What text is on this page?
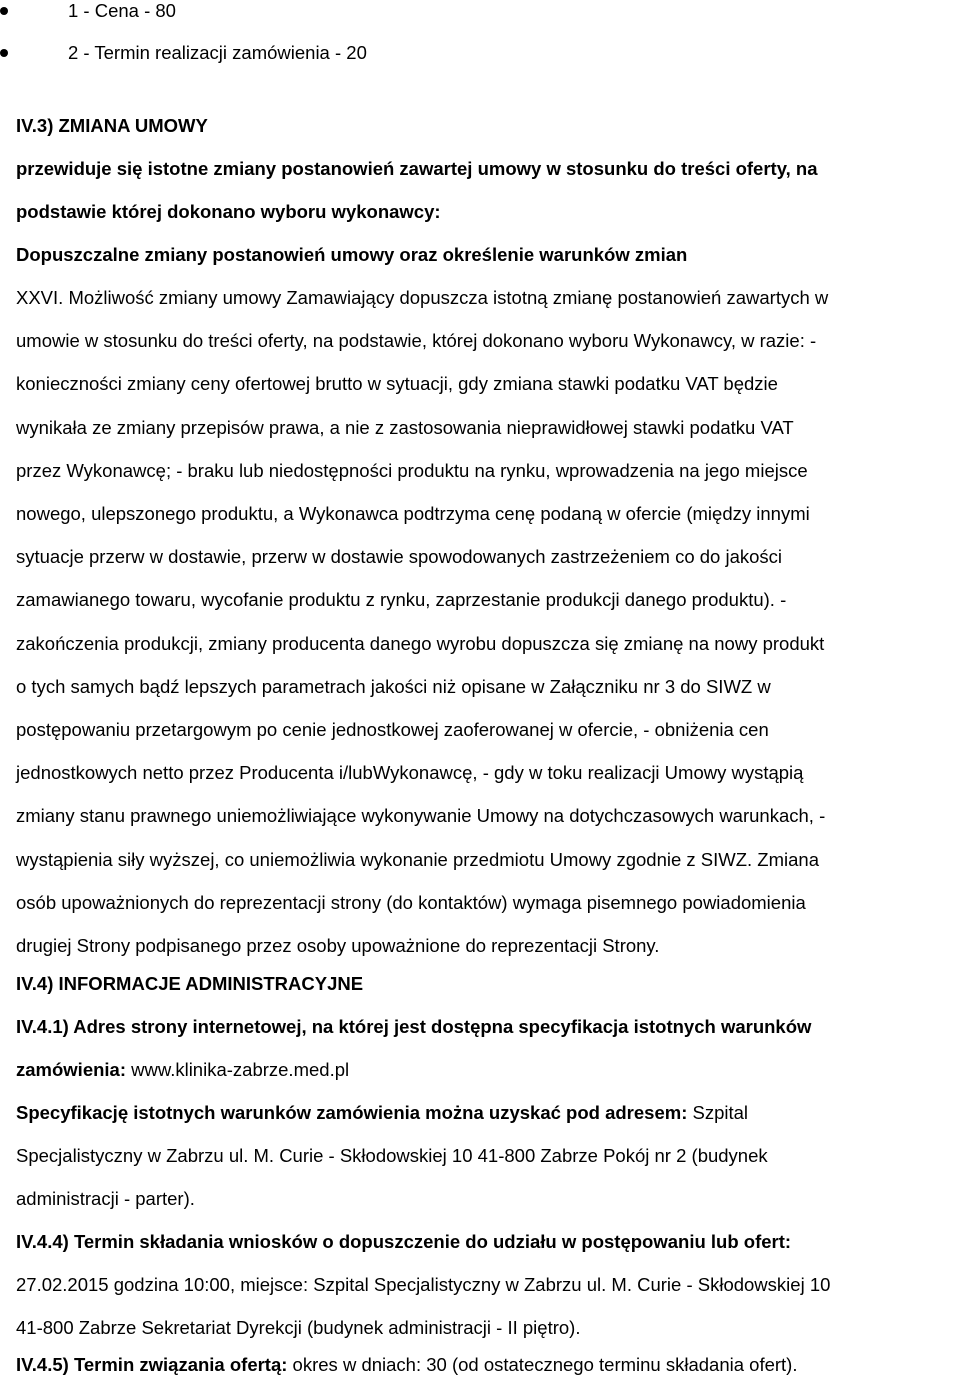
1 - Cena - 80
2 - Termin realizacji zamówienia - 20
IV.3) ZMIANA UMOWY
przewiduje się istotne zmiany postanowień zawartej umowy w stosunku do treści oferty, na
podstawie której dokonano wyboru wykonawcy:
Dopuszczalne zmiany postanowień umowy oraz określenie warunków zmian
XXVI. Możliwość zmiany umowy Zamawiający dopuszcza istotną zmianę postanowień zawartych w
umowie w stosunku do treści oferty, na podstawie, której dokonano wyboru Wykonawcy, w razie: -
konieczności zmiany ceny ofertowej brutto w sytuacji, gdy zmiana stawki podatku VAT będzie
wynikała ze zmiany przepisów prawa, a nie z zastosowania nieprawidłowej stawki podatku VAT
przez Wykonawcę; - braku lub niedostępności produktu na rynku, wprowadzenia na jego miejsce
nowego, ulepszonego produktu, a Wykonawca podtrzyma cenę podaną w ofercie (między innymi
sytuacje przerw w dostawie, przerw w dostawie spowodowanych zastrzeżeniem co do jakości
zamawianego towaru, wycofanie produktu z rynku, zaprzestanie produkcji danego produktu). -
zakończenia produkcji, zmiany producenta danego wyrobu dopuszcza się zmianę na nowy produkt
o tych samych bądź lepszych parametrach jakości niż opisane w Załączniku nr 3 do SIWZ w
postępowaniu przetargowym po cenie jednostkowej zaoferowanej w ofercie, - obniżenia cen
jednostkowych netto przez Producenta i/lubWykonawcę, - gdy w toku realizacji Umowy wystąpią
zmiany stanu prawnego uniemożliwiające wykonywanie Umowy na dotychczasowych warunkach, -
wystąpienia siły wyższej, co uniemożliwia wykonanie przedmiotu Umowy zgodnie z SIWZ. Zmiana
osób upoważnionych do reprezentacji strony (do kontaktów) wymaga pisemnego powiadomienia
drugiej Strony podpisanego przez osoby upoważnione do reprezentacji Strony.
IV.4) INFORMACJE ADMINISTRACYJNE
IV.4.1) Adres strony internetowej, na której jest dostępna specyfikacja istotnych warunków
zamówienia: www.klinika-zabrze.med.pl
Specyfikację istotnych warunków zamówienia można uzyskać pod adresem: Szpital
Specjalistyczny w Zabrzu ul. M. Curie - Skłodowskiej 10 41-800 Zabrze Pokój nr 2 (budynek
administracji - parter).
IV.4.4) Termin składania wniosków o dopuszczenie do udziału w postępowaniu lub ofert:
27.02.2015 godzina 10:00, miejsce: Szpital Specjalistyczny w Zabrzu ul. M. Curie - Skłodowskiej 10
41-800 Zabrze Sekretariat Dyrekcji (budynek administracji - II piętro).
IV.4.5) Termin związania ofertą: okres w dniach: 30 (od ostatecznego terminu składania ofert).
